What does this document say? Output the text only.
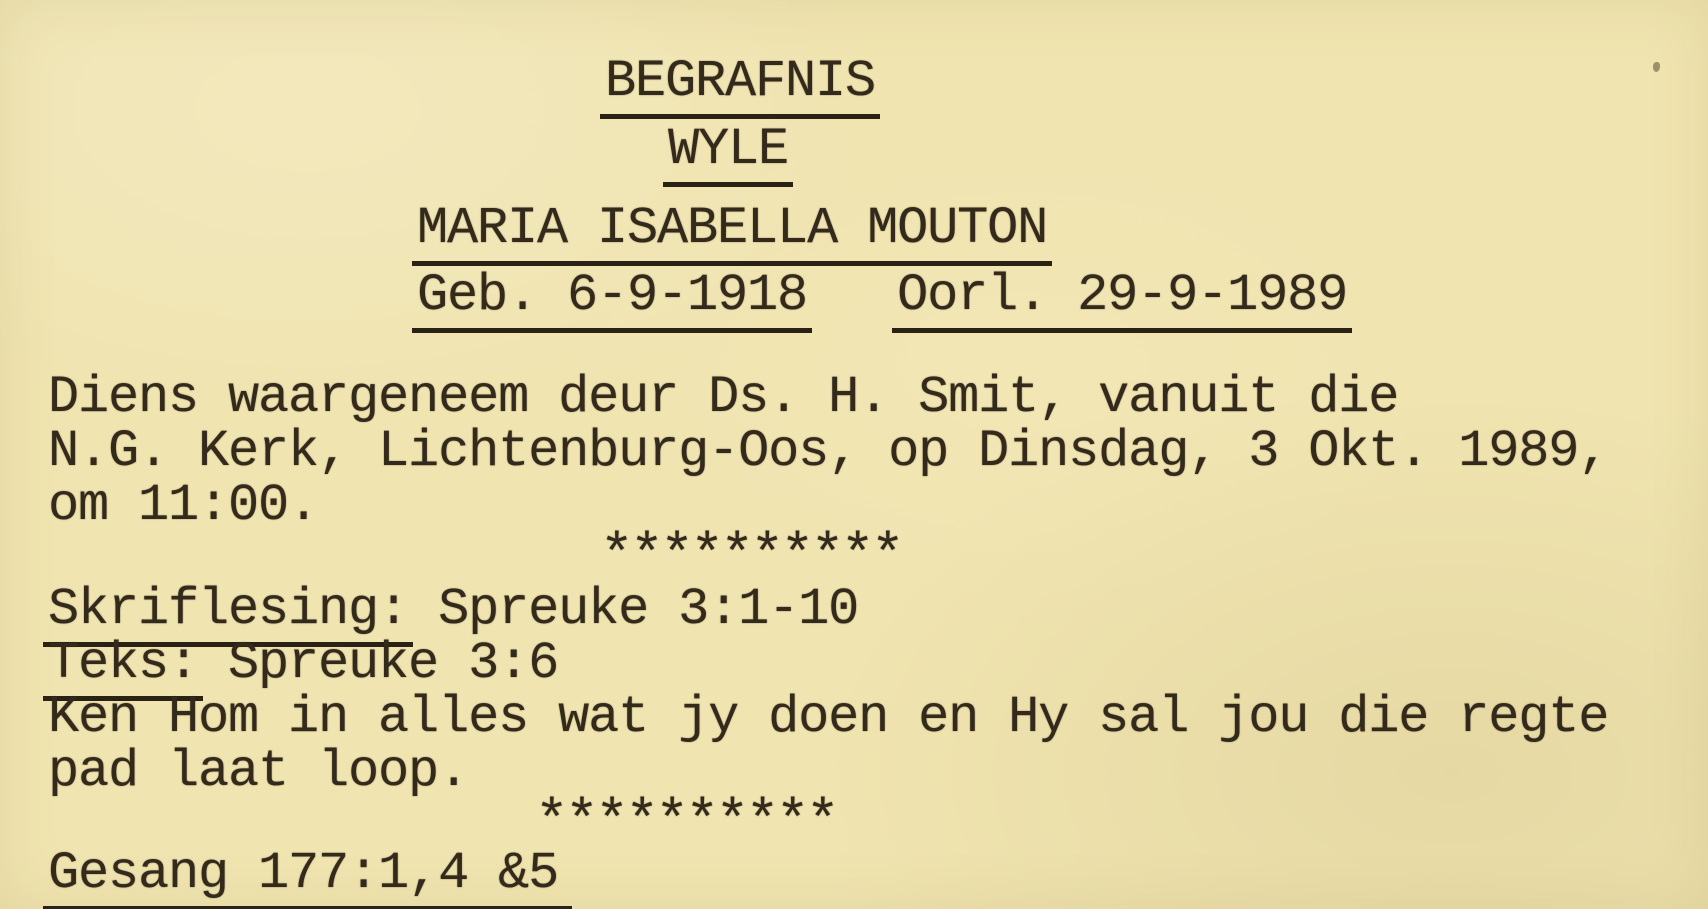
BEGRAFNIS
WYLE
MARIA ISABELLA MOUTON
Geb. 6-9-1918 Oorl. 29-9-1989
Diens waargeneem deur Ds. H. Smit, vanuit die
N.G. Kerk, Lichtenburg-Oos, op Dinsdag, 3 Okt. 1989,
om 11:00.
**********
Skriflesing: Spreuke 3:1-10
Teks: Spreuke 3:6
Ken Hom in alles wat jy doen en Hy sal jou die regte
pad laat loop.
**********
Gesang 177:1,4 &5
